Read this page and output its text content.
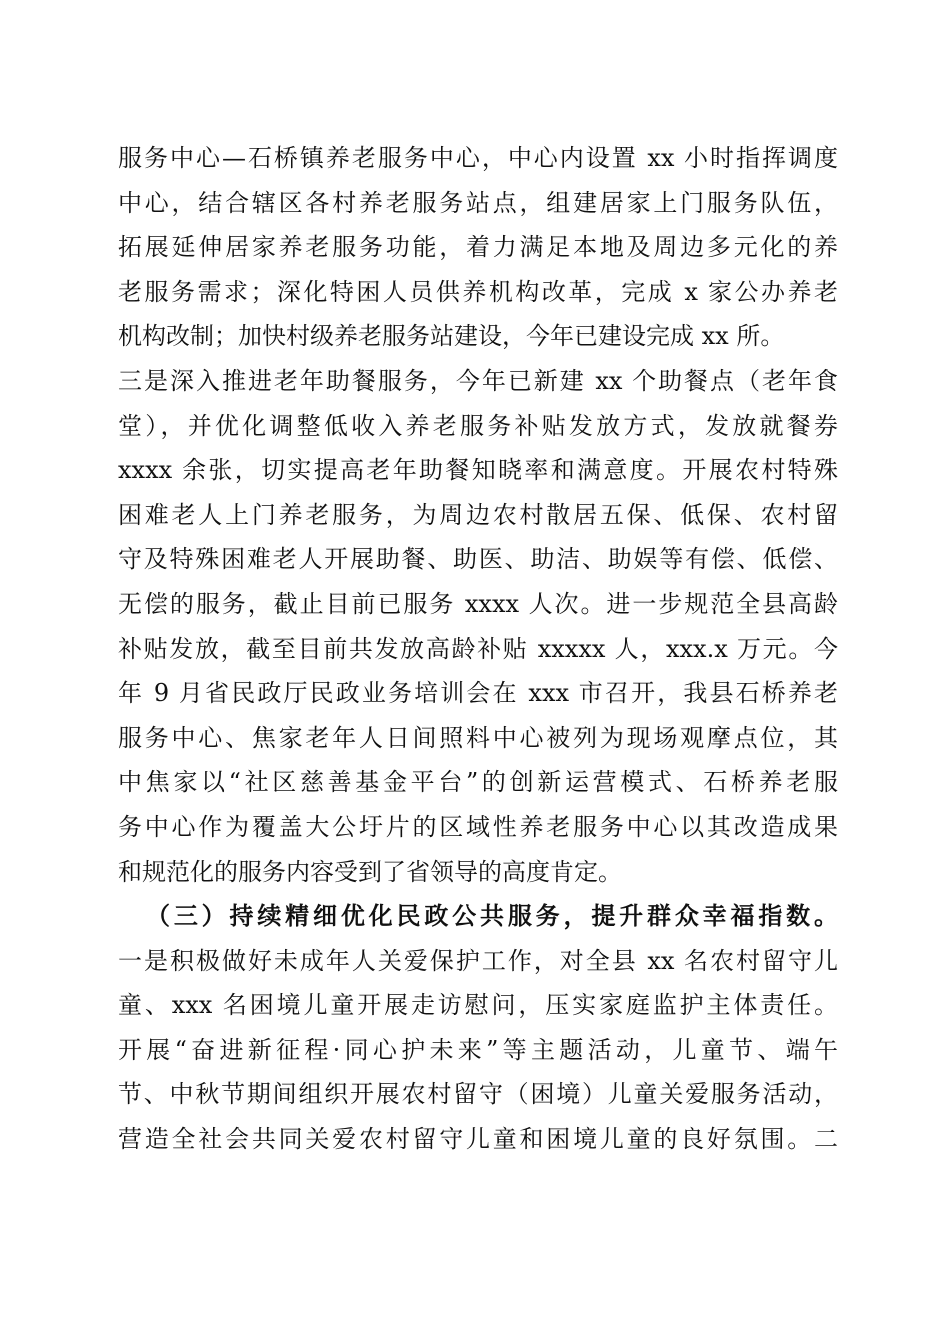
服务中心—石桥镇养老服务中心，中心内设置 xx 小时指挥调度
中心，结合辖区各村养老服务站点，组建居家上门服务队伍，
拓展延伸居家养老服务功能，着力满足本地及周边多元化的养
老服务需求；深化特困人员供养机构改革，完成 x 家公办养老
机构改制；加快村级养老服务站建设，今年已建设完成 xx 所。
三是深入推进老年助餐服务，今年已新建 xx 个助餐点（老年食
堂），并优化调整低收入养老服务补贴发放方式，发放就餐券
xxxx 余张，切实提高老年助餐知晓率和满意度。开展农村特殊
困难老人上门养老服务，为周边农村散居五保、低保、农村留
守及特殊困难老人开展助餐、助医、助洁、助娱等有偿、低偿、
无偿的服务，截止目前已服务 xxxx 人次。进一步规范全县高龄
补贴发放，截至目前共发放高龄补贴 xxxxx 人，xxx.x 万元。今
年 9 月省民政厅民政业务培训会在 xxx 市召开，我县石桥养老
服务中心、焦家老年人日间照料中心被列为现场观摩点位，其
中焦家以“社区慈善基金平台”的创新运营模式、石桥养老服
务中心作为覆盖大公圩片的区域性养老服务中心以其改造成果
和规范化的服务内容受到了省领导的高度肯定。
（三）持续精细优化民政公共服务，提升群众幸福指数。
一是积极做好未成年人关爱保护工作，对全县 xx 名农村留守儿
童、xxx 名困境儿童开展走访慰问，压实家庭监护主体责任。
开展“奋进新征程·同心护未来”等主题活动，儿童节、端午
节、中秋节期间组织开展农村留守（困境）儿童关爱服务活动，
营造全社会共同关爱农村留守儿童和困境儿童的良好氛围。二
